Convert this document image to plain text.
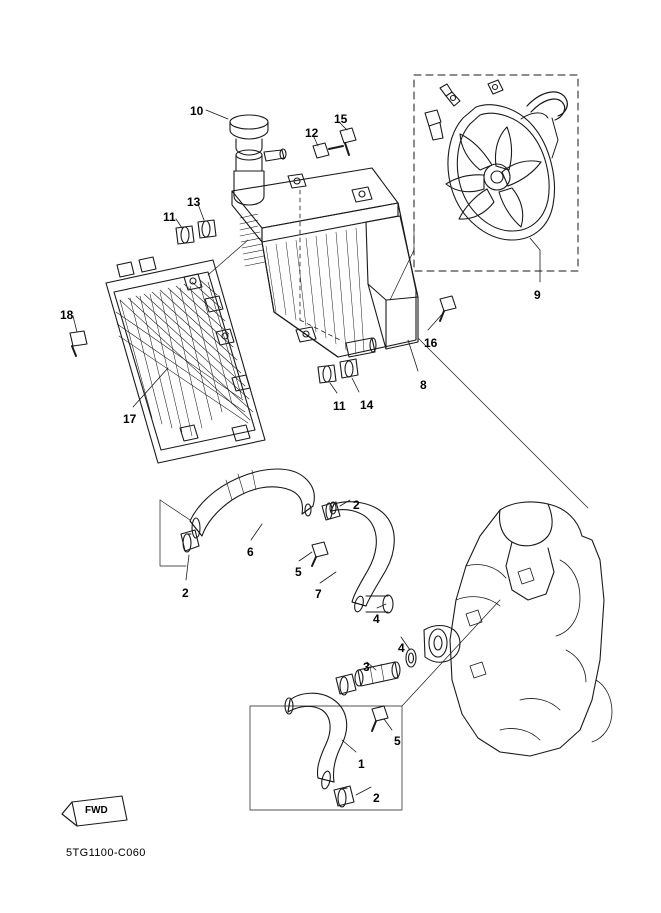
10
15
12
13
11
9
18
16
8
17
14
11
2
6
5
2	7
4
4
3
5
1
2
FWD
5TG1100-C060
